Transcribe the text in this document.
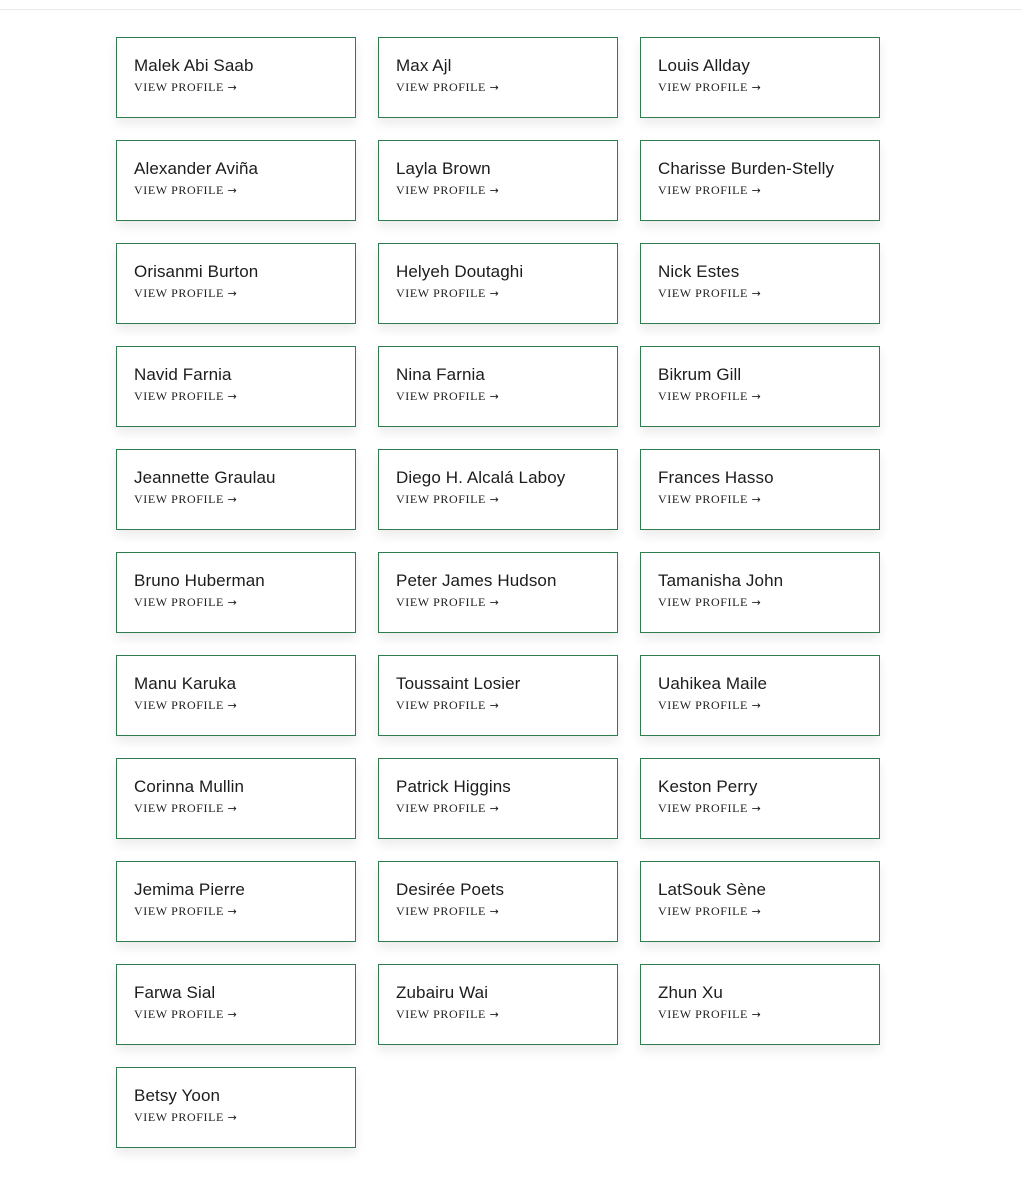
Malek Abi Saab
VIEW PROFILE →
Max Ajl
VIEW PROFILE →
Louis Allday
VIEW PROFILE →
Alexander Aviña
VIEW PROFILE →
Layla Brown
VIEW PROFILE →
Charisse Burden-Stelly
VIEW PROFILE →
Orisanmi Burton
VIEW PROFILE →
Helyeh Doutaghi
VIEW PROFILE →
Nick Estes
VIEW PROFILE →
Navid Farnia
VIEW PROFILE →
Nina Farnia
VIEW PROFILE →
Bikrum Gill
VIEW PROFILE →
Jeannette Graulau
VIEW PROFILE →
Diego H. Alcalá Laboy
VIEW PROFILE →
Frances Hasso
VIEW PROFILE →
Bruno Huberman
VIEW PROFILE →
Peter James Hudson
VIEW PROFILE →
Tamanisha John
VIEW PROFILE →
Manu Karuka
VIEW PROFILE →
Toussaint Losier
VIEW PROFILE →
Uahikea Maile
VIEW PROFILE →
Corinna Mullin
VIEW PROFILE →
Patrick Higgins
VIEW PROFILE →
Keston Perry
VIEW PROFILE →
Jemima Pierre
VIEW PROFILE →
Desirée Poets
VIEW PROFILE →
LatSouk Sène
VIEW PROFILE →
Farwa Sial
VIEW PROFILE →
Zubairu Wai
VIEW PROFILE →
Zhun Xu
VIEW PROFILE →
Betsy Yoon
VIEW PROFILE →
